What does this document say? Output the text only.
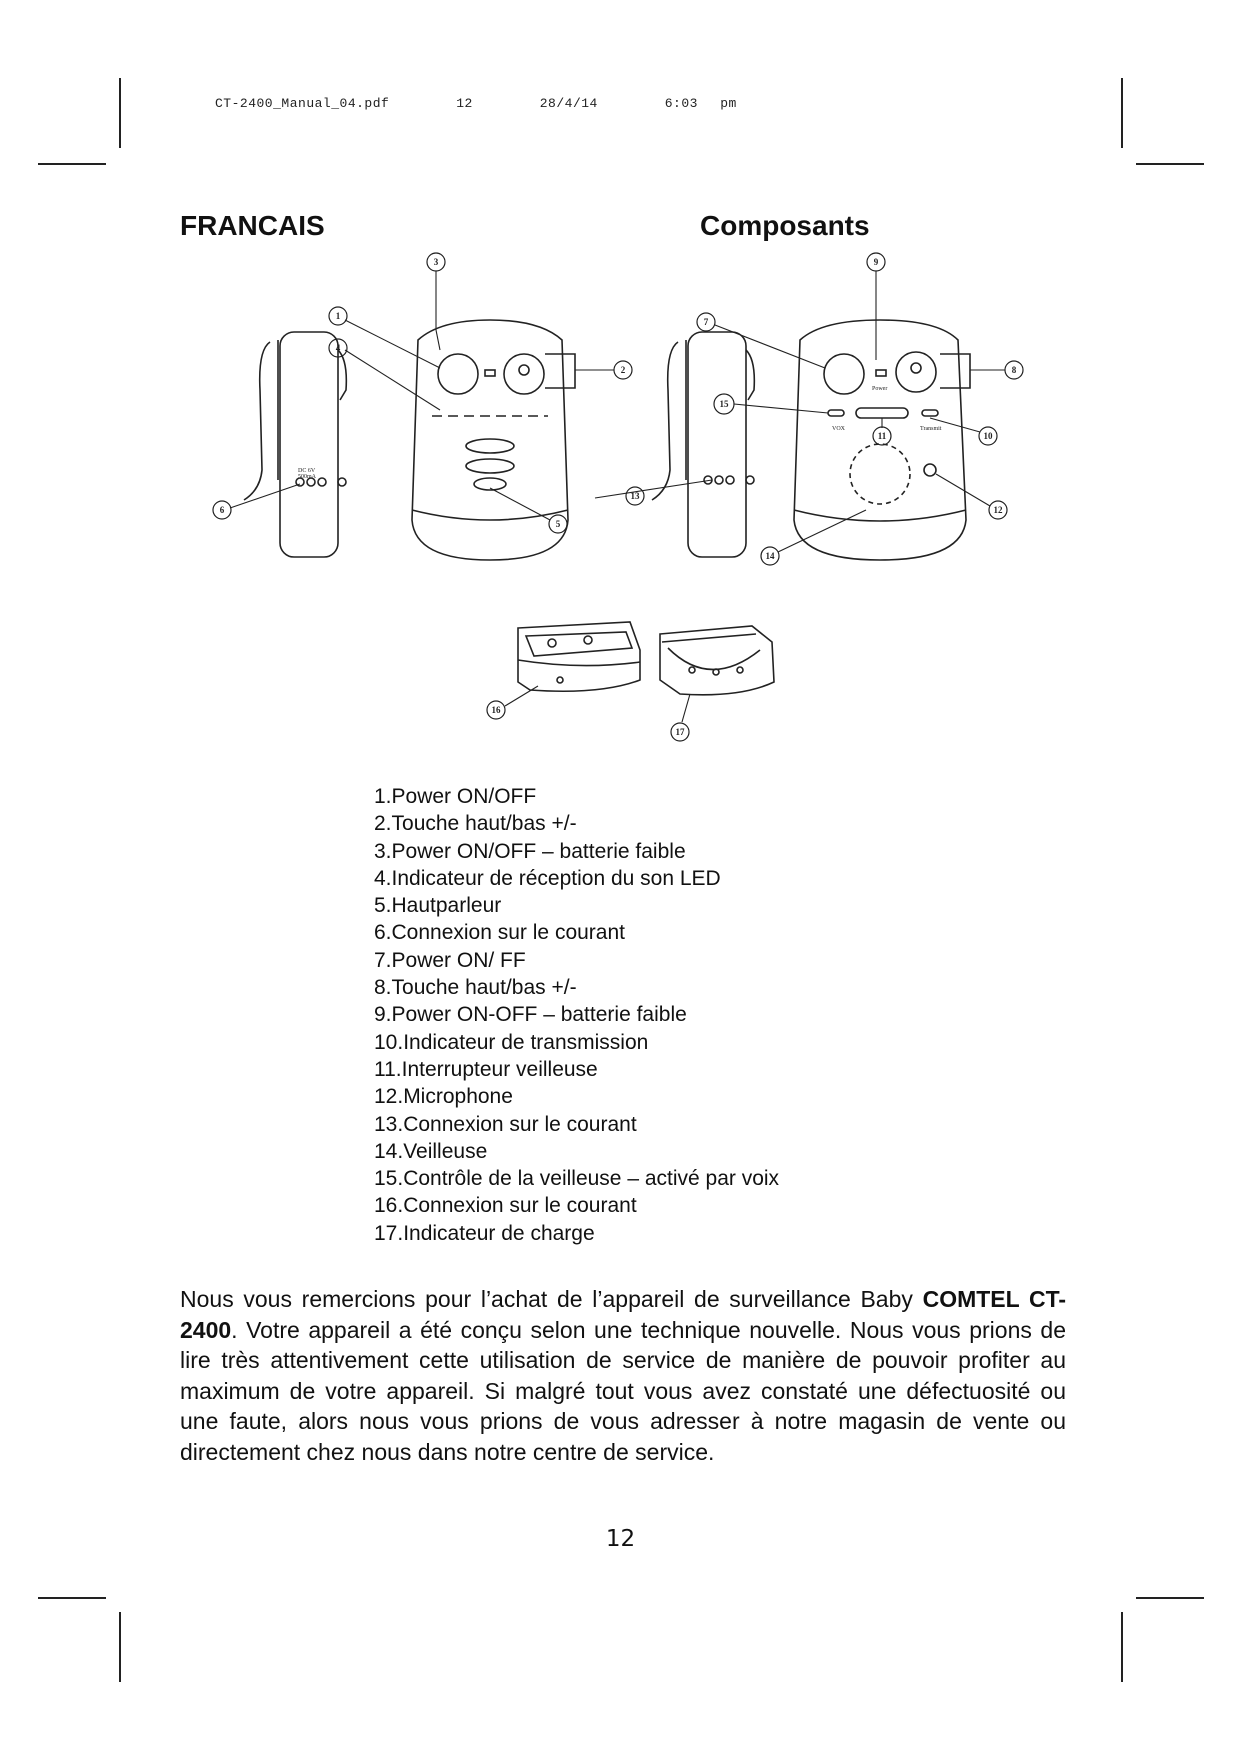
CT-2400_Manual_04.pdf   12   28/4/14   6:03 pm
FRANCAIS	Composants
DC 6V
500mA
VOX	Transmit
Power
3
1
4
2
6
5
9
7
8
15
11	10
13
12
14
16
17
1.Power ON/OFF
2.Touche haut/bas +/-
3.Power ON/OFF – batterie faible
4.Indicateur de réception du son LED
5.Hautparleur
6.Connexion sur le courant
7.Power ON/ FF
8.Touche haut/bas +/-
9.Power ON-OFF – batterie faible
10.Indicateur de transmission
11.Interrupteur veilleuse
12.Microphone
13.Connexion sur le courant
14.Veilleuse
15.Contrôle de la veilleuse – activé par voix
16.Connexion sur le courant
17.Indicateur de charge

Nous vous remercions pour l’achat de l’appareil de surveillance Baby COMTEL CT-2400. Votre appareil a été conçu selon une technique nouvelle. Nous vous prions de lire très attentivement cette utilisation de service de manière de pouvoir profiter au maximum de votre appareil. Si malgré tout vous avez constaté une défectuosité ou une faute, alors nous vous prions de vous adresser à notre magasin de vente ou directement chez nous dans notre centre de service.

12
